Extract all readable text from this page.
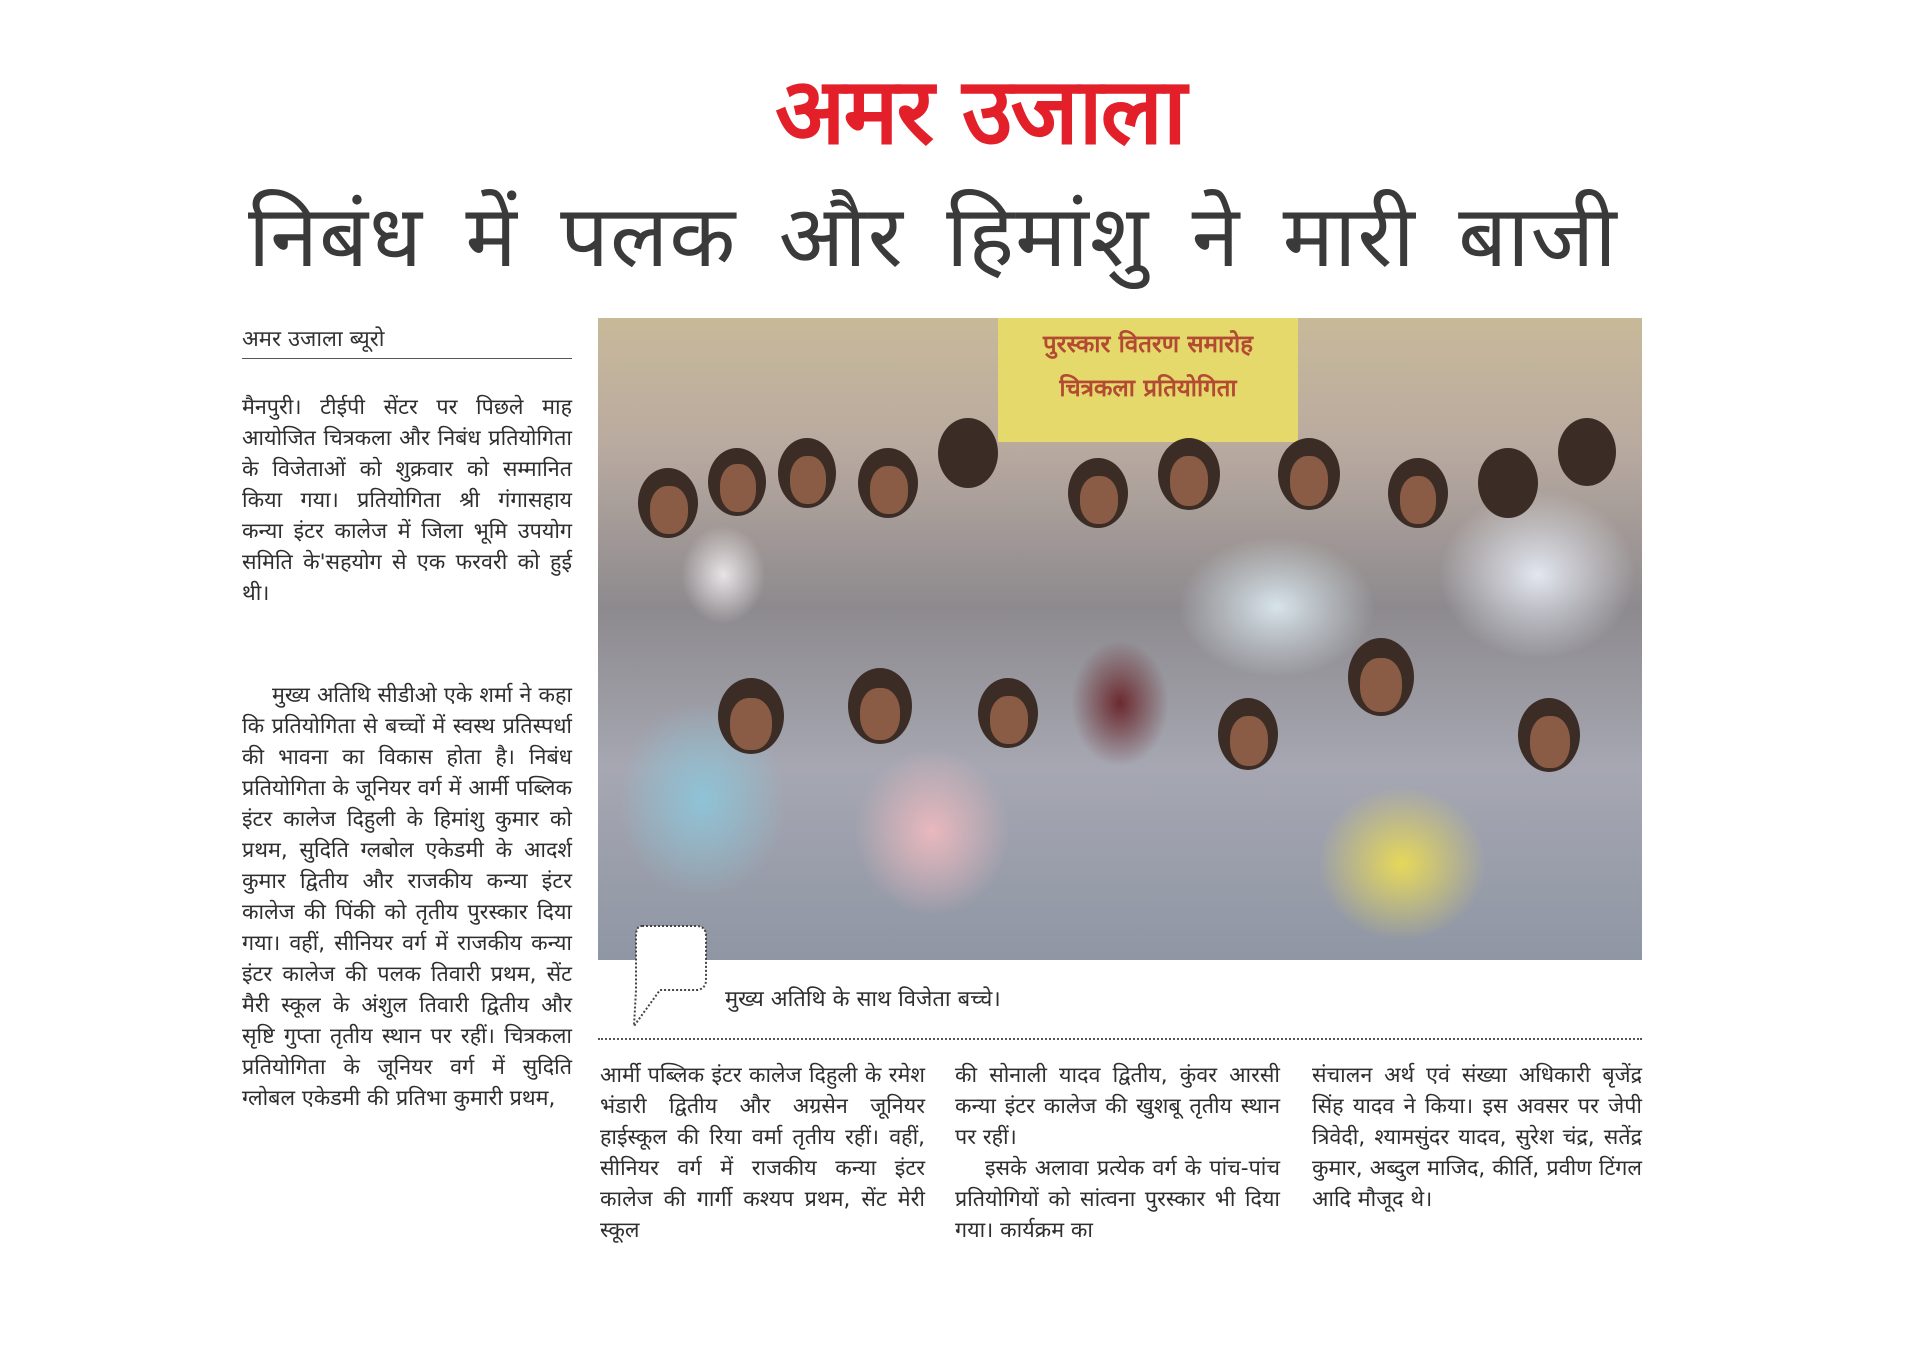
अमर उजाला
निबंध में पलक और हिमांशु ने मारी बाजी
अमर उजाला ब्यूरो

मैनपुरी। टीईपी सेंटर पर पिछले माह आयोजित चित्रकला और निबंध प्रतियोगिता के विजेताओं को शुक्रवार को सम्मानित किया गया। प्रतियोगिता श्री गंगासहाय कन्या इंटर कालेज में जिला भूमि उपयोग समिति के'सहयोग से एक फरवरी को हुई थी।

मुख्य अतिथि सीडीओ एके शर्मा ने कहा कि प्रतियोगिता से बच्चों में स्वस्थ प्रतिस्पर्धा की भावना का विकास होता है। निबंध प्रतियोगिता के जूनियर वर्ग में आर्मी पब्लिक इंटर कालेज दिहुली के हिमांशु कुमार को प्रथम, सुदिति ग्लबोल एकेडमी के आदर्श कुमार द्वितीय और राजकीय कन्या इंटर कालेज की पिंकी को तृतीय पुरस्कार दिया गया। वहीं, सीनियर वर्ग में राजकीय कन्या इंटर कालेज की पलक तिवारी प्रथम, सेंट मैरी स्कूल के अंशुल तिवारी द्वितीय और सृष्टि गुप्ता तृतीय स्थान पर रहीं। चित्रकला प्रतियोगिता के जूनियर वर्ग में सुदिति ग्लोबल एकेडमी की प्रतिभा कुमारी प्रथम,

पुरस्कार वितरण समारोह
चित्रकला प्रतियोगिता
मुख्य अतिथि के साथ विजेता बच्चे।

आर्मी पब्लिक इंटर कालेज दिहुली के रमेश भंडारी द्वितीय और अग्रसेन जूनियर हाईस्कूल की रिया वर्मा तृतीय रहीं। वहीं, सीनियर वर्ग में राजकीय कन्या इंटर कालेज की गार्गी कश्यप प्रथम, सेंट मेरी स्कूल

की सोनाली यादव द्वितीय, कुंवर आरसी कन्या इंटर कालेज की खुशबू तृतीय स्थान पर रहीं।

इसके अलावा प्रत्येक वर्ग के पांच-पांच प्रतियोगियों को सांत्वना पुरस्कार भी दिया गया। कार्यक्रम का

संचालन अर्थ एवं संख्या अधिकारी बृजेंद्र सिंह यादव ने किया। इस अवसर पर जेपी त्रिवेदी, श्यामसुंदर यादव, सुरेश चंद्र, सतेंद्र कुमार, अब्दुल माजिद, कीर्ति, प्रवीण टिंगल आदि मौजूद थे।
